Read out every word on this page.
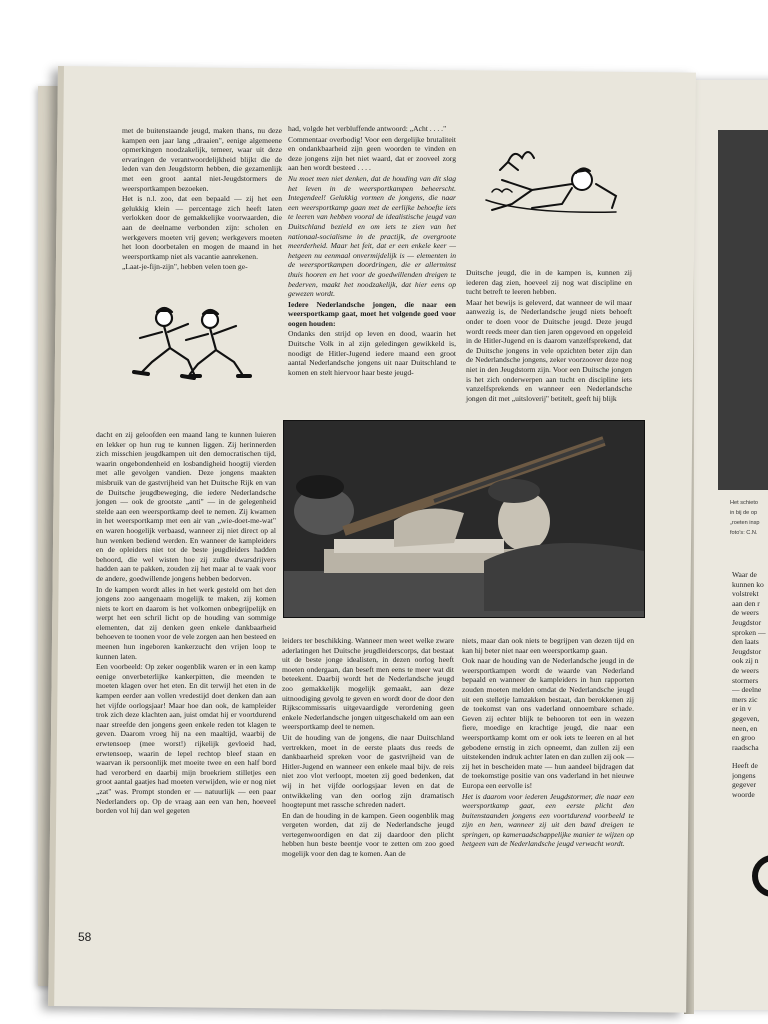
met de buitenstaande jeugd, maken thans, nu deze kampen een jaar lang „draaien", eenige algemeene opmerkingen noodzakelijk, temeer, waar uit deze ervaringen de verantwoordelijkheid blijkt die de leden van den Jeugdstorm hebben, die gezamenlijk met een groot aantal niet-Jeugdstormers de weersportkampen bezoeken.

Het is n.l. zoo, dat een bepaald — zij het een gelukkig klein — percentage zich heeft laten verlokken door de gemakkelijke voorwaarden, die aan de deelname verbonden zijn: scholen en werkgevers moeten vrij geven; werkgevers moeten het loon doorbetalen en mogen de maand in het weersportkamp niet als vacantie aanrekenen.

„Laat-je-fijn-zijn", hebben velen toen ge-

had, volgde het verbluffende antwoord: „Acht . . . ."

Commentaar overbodig! Voor een dergelijke brutaliteit en ondankbaarheid zijn geen woorden te vinden en deze jongens zijn het niet waard, dat er zooveel zorg aan hen wordt besteed . . . .

Nu moet men niet denken, dat de houding van dit slag het leven in de weersportkampen beheerscht. Integendeel! Gelukkig vormen de jongens, die naar een weersportkamp gaan met de eerlijke behoefte iets te leeren van hebben vooral de idealistische jeugd van Duitschland bezield en om iets te zien van het nationaal-socialisme in de practijk, de overgroote meerderheid. Maar het feit, dat er een enkele keer —hetgeen nu eenmaal onvermijdelijk is — elementen in de weersportkampen doordringen, die er allerminst thuis hooren en het voor de goedwillenden dreigen te bederven, maakt het noodzakelijk, dat hier eens op gewezen wordt.

Iedere Nederlandsche jongen, die naar een weersportkamp gaat, moet het volgende goed voor oogen houden:

Ondanks den strijd op leven en dood, waarin het Duitsche Volk in al zijn geledingen gewikkeld is, noodigt de Hitler-Jugend iedere maand een groot aantal Nederlandsche jongens uit naar Duitschland te komen en stelt hiervoor haar beste jeugd-

Duitsche jeugd, die in de kampen is, kunnen zij iederen dag zien, hoeveel zij nog wat discipline en tucht betreft te leeren hebben.

Maar het bewijs is geleverd, dat wanneer de wil maar aanwezig is, de Nederlandsche jeugd niets behoeft onder te doen voor de Duitsche jeugd. Deze jeugd wordt reeds meer dan tien jaren opgevoed en opgeleid in de Hitler-Jugend en is daarom vanzelfsprekend, dat de Duitsche jongens in vele opzichten beter zijn dan de Nederlandsche jongens, zeker voorzoover deze nog niet in den Jeugdstorm zijn. Voor een Duitsche jongen is het zich onderwerpen aan tucht en discipline iets vanzelfsprekends en wanneer een Nederlandsche jongen dit met „uitsloverij" betitelt, geeft hij blijk

dacht en zij geloofden een maand lang te kunnen luieren en lekker op hun rug te kunnen liggen. Zij herinnerden zich misschien jeugdkampen uit den democratischen tijd, waarin ongebondenheid en losbandigheid hoogtij vierden met alle gevolgen vandien. Deze jongens maakten misbruik van de gastvrijheid van het Duitsche Rijk en van de Duitsche jeugdbeweging, die iedere Nederlandsche jongen — ook de grootste „anti" — in de gelegenheid stelde aan een weersportkamp deel te nemen. Zij kwamen in het weersportkamp met een air van „wie-doet-me-wat" en waren hoogelijk verbaasd, wanneer zij niet direct op al hun wenken bediend werden. En wanneer de kampleiders en de opleiders niet tot de beste jeugdleiders hadden behoord, die wel wisten hoe zij zulke dwarsdrijvers hadden aan te pakken, zouden zij het maar al te vaak voor de andere, goedwillende jongens hebben bedorven.

In de kampen wordt alles in het werk gesteld om het den jongens zoo aangenaam mogelijk te maken, zij komen niets te kort en daarom is het volkomen onbegrijpelijk en werpt het een schril licht op de houding van sommige elementen, dat zij denken geen enkele dankbaarheid behoeven te toonen voor de vele zorgen aan hen besteed en meenen hun ingeboren kankerzucht den vrijen loop te kunnen laten.

Een voorbeeld: Op zeker oogenblik waren er in een kamp eenige onverbeterlijke kankerpitten, die meenden te moeten klagen over het eten. En dit terwijl het eten in de kampen eerder aan vollen vredestijd doet denken dan aan het vijfde oorlogsjaar! Maar hoe dan ook, de kampleider trok zich deze klachten aan, juist omdat hij er voortdurend naar streefde den jongens geen enkele reden tot klagen te geven. Daarom vroeg hij na een maaltijd, waarbij de erwtensoep (mee worst!) rijkelijk gevloeid had, erwtensoep, waarin de lepel rechtop bleef staan en waarvan ik persoonlijk met moeite twee en een half bord had verorberd en daarbij mijn broekriem stilletjes een groot aantal gaatjes had moeten verwijden, wie er nog niet „zat" was. Prompt stonden er — natuurlijk — een paar Nederlanders op. Op de vraag aan een van hen, hoeveel borden vol hij dan wel gegeten

leiders ter beschikking. Wanneer men weet welke zware aderlatingen het Duitsche jeugdleiderscorps, dat bestaat uit de beste jonge idealisten, in dezen oorlog heeft moeten ondergaan, dan beseft men eens te meer wat dit beteekent. Daarbij wordt het de Nederlandsche jeugd zoo gemakkelijk mogelijk gemaakt, aan deze uitnoodiging gevolg te geven en wordt door de door den Rijkscommissaris uitgevaardigde verordening geen enkele Nederlandsche jongen uitgeschakeld om aan een weersportkamp deel te nemen.

Uit de houding van de jongens, die naar Duitschland vertrekken, moet in de eerste plaats dus reeds de dankbaarheid spreken voor de gastvrijheid van de Hitler-Jugend en wanneer een enkele maal bijv. de reis niet zoo vlot verloopt, moeten zij goed bedenken, dat wij in het vijfde oorlogsjaar leven en dat de ontwikkeling van den oorlog zijn dramatisch hoogtepunt met rassche schreden nadert.

En dan de houding in de kampen. Geen oogenblik mag vergeten worden, dat zij de Nederlandsche jeugd vertegenwoordigen en dat zij daardoor den plicht hebben hun beste beentje voor te zetten om zoo goed mogelijk voor den dag te komen. Aan de

niets, maar dan ook niets te begrijpen van dezen tijd en kan hij beter niet naar een weersportkamp gaan.

Ook naar de houding van de Nederlandsche jeugd in de weersportkampen wordt de waarde van Nederland bepaald en wanneer de kampleiders in hun rapporten zouden moeten melden omdat de Nederlandsche jeugd uit een stelletje lamzakken bestaat, dan berokkenen zij de toekomst van ons vaderland onnoembare schade. Geven zij echter blijk te behooren tot een in wezen fiere, moedige en krachtige jeugd, die naar een weersportkamp komt om er ook iets te leeren en al het gebodene ernstig in zich opneemt, dan zullen zij een uitstekenden indruk achter laten en dan zullen zij ook — zij het in bescheiden mate — hun aandeel bijdragen dat de toekomstige positie van ons vaderland in het nieuwe Europa een eervolle is!

Het is daarom voor iederen Jeugdstormer, die naar een weersportkamp gaat, een eerste plicht den buitenstaanden jongens een voortdurend voorbeeld te zijn en hen, wanneer zij uit den band dreigen te springen, op kameraadschappelijke manier te wijzen op hetgeen van de Nederlandsche jeugd verwacht wordt.

58
Het schieto
in bij de op
„roeten insp
foto's: C.N.
Waar de
kunnen ko
volstrekt
aan den r
de weers
Jeugdstor
sproken —
den laats
Jeugdstor
ook zij n
de weers
stormers
— deelne
mers zic
er in v
gegeven,
neen, en
en groo
raadscha
Heeft de
jongens
gegever
woorde
